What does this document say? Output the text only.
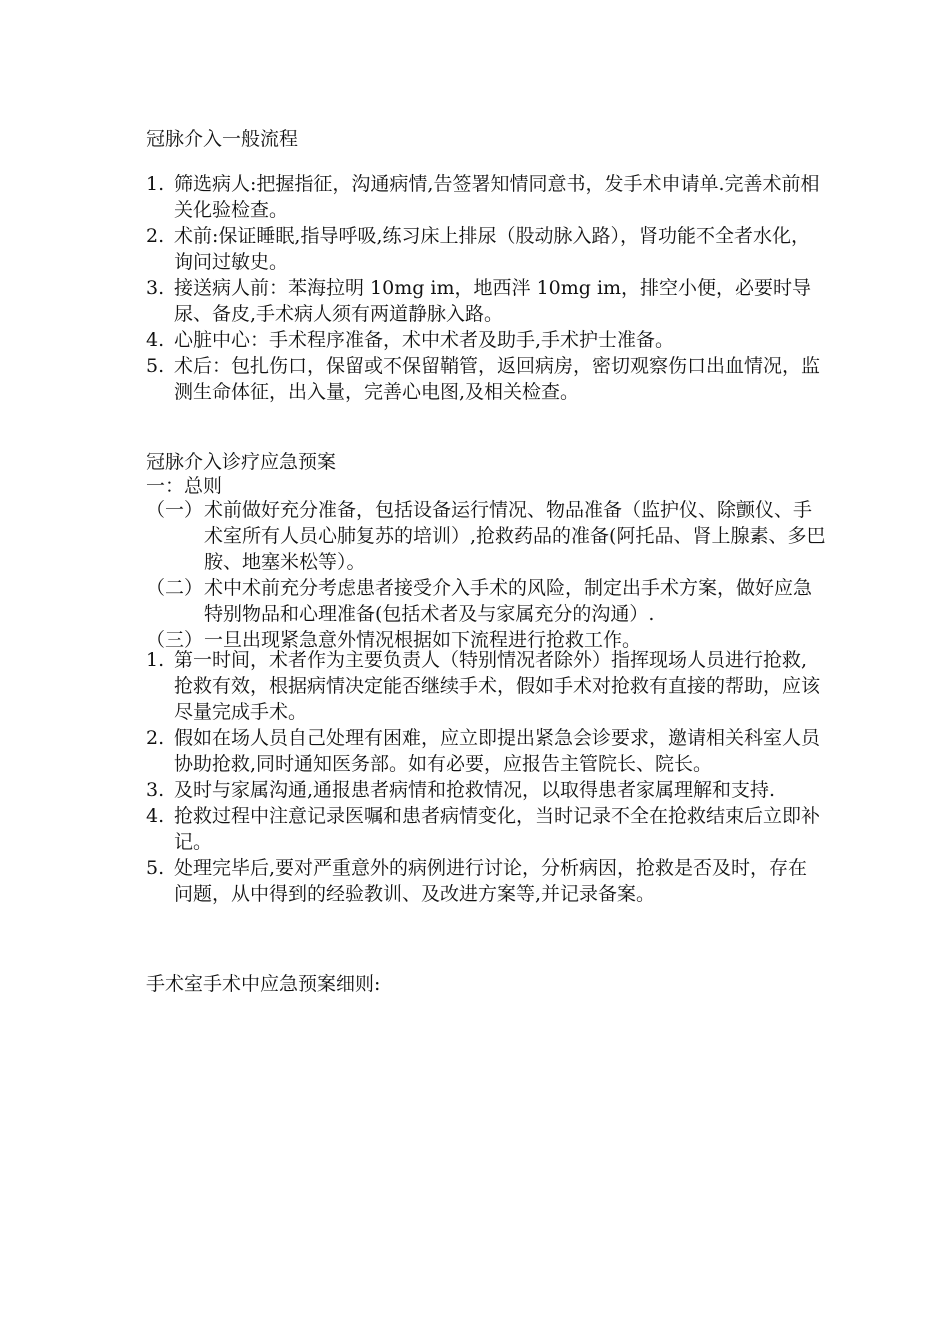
冠脉介入一般流程
1. 筛选病人:把握指征，沟通病情,告签署知情同意书，发手术申请单.完善术前相关化验检查。
2. 术前:保证睡眠,指导呼吸,练习床上排尿（股动脉入路），肾功能不全者水化，询问过敏史。
3. 接送病人前：苯海拉明 10mg im，地西泮 10mg im，排空小便，必要时导尿、备皮,手术病人须有两道静脉入路。
4. 心脏中心：手术程序准备，术中术者及助手,手术护士准备。
5. 术后：包扎伤口，保留或不保留鞘管，返回病房，密切观察伤口出血情况，监测生命体征，出入量，完善心电图,及相关检查。
冠脉介入诊疗应急预案
一：总则
（一） 术前做好充分准备，包括设备运行情况、物品准备（监护仪、除颤仪、手术室所有人员心肺复苏的培训）,抢救药品的准备(阿托品、肾上腺素、多巴胺、地塞米松等）。
（二） 术中术前充分考虑患者接受介入手术的风险，制定出手术方案，做好应急特别物品和心理准备(包括术者及与家属充分的沟通）.
（三） 一旦出现紧急意外情况根据如下流程进行抢救工作。
1. 第一时间，术者作为主要负责人（特别情况者除外）指挥现场人员进行抢救,抢救有效，根据病情决定能否继续手术，假如手术对抢救有直接的帮助，应该尽量完成手术。
2. 假如在场人员自己处理有困难，应立即提出紧急会诊要求，邀请相关科室人员协助抢救,同时通知医务部。如有必要，应报告主管院长、院长。
3. 及时与家属沟通,通报患者病情和抢救情况，以取得患者家属理解和支持.
4. 抢救过程中注意记录医嘱和患者病情变化，当时记录不全在抢救结束后立即补记。
5. 处理完毕后,要对严重意外的病例进行讨论，分析病因，抢救是否及时，存在问题，从中得到的经验教训、及改进方案等,并记录备案。
手术室手术中应急预案细则:
